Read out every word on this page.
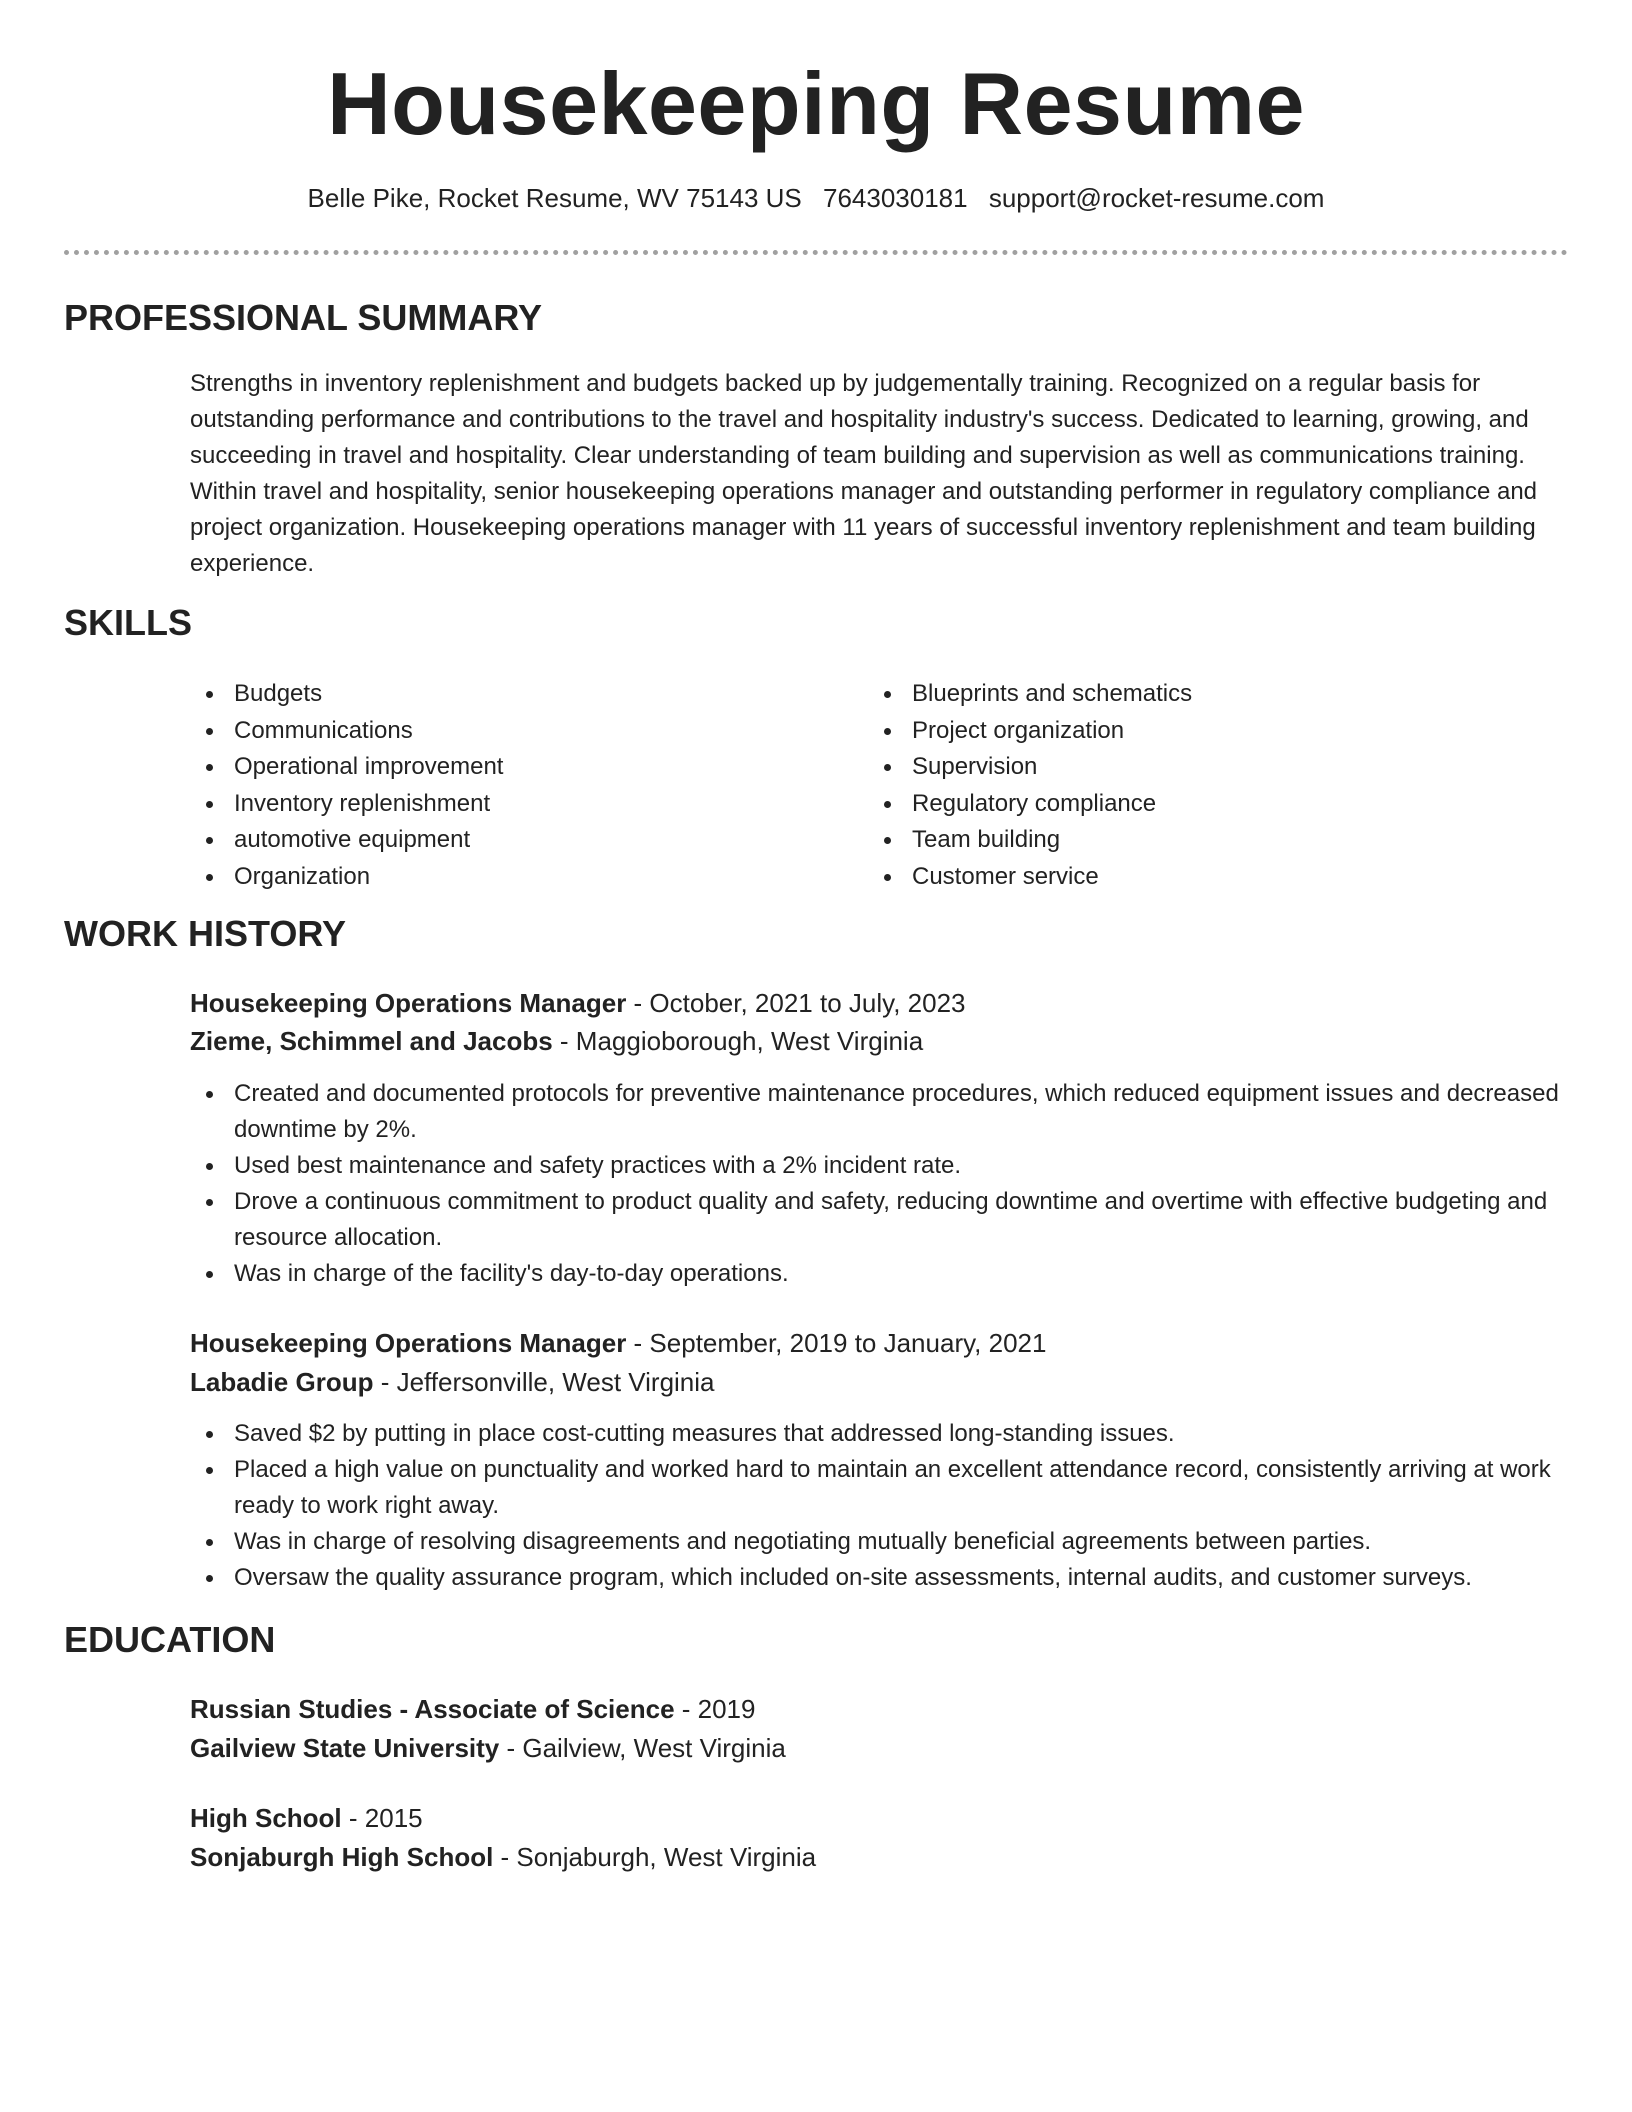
Housekeeping Resume
Belle Pike, Rocket Resume, WV 75143 US 7643030181 support@rocket-resume.com
PROFESSIONAL SUMMARY

Strengths in inventory replenishment and budgets backed up by judgementally training. Recognized on a regular basis for outstanding performance and contributions to the travel and hospitality industry's success. Dedicated to learning, growing, and succeeding in travel and hospitality. Clear understanding of team building and supervision as well as communications training. Within travel and hospitality, senior housekeeping operations manager and outstanding performer in regulatory compliance and project organization. Housekeeping operations manager with 11 years of successful inventory replenishment and team building experience.

SKILLS
Budgets
Communications
Operational improvement
Inventory replenishment
automotive equipment
Organization
Blueprints and schematics
Project organization
Supervision
Regulatory compliance
Team building
Customer service
WORK HISTORY
Housekeeping Operations Manager - October, 2021 to July, 2023
Zieme, Schimmel and Jacobs - Maggioborough, West Virginia
Created and documented protocols for preventive maintenance procedures, which reduced equipment issues and decreased downtime by 2%.
Used best maintenance and safety practices with a 2% incident rate.
Drove a continuous commitment to product quality and safety, reducing downtime and overtime with effective budgeting and resource allocation.
Was in charge of the facility's day-to-day operations.
Housekeeping Operations Manager - September, 2019 to January, 2021
Labadie Group - Jeffersonville, West Virginia
Saved $2 by putting in place cost-cutting measures that addressed long-standing issues.
Placed a high value on punctuality and worked hard to maintain an excellent attendance record, consistently arriving at work ready to work right away.
Was in charge of resolving disagreements and negotiating mutually beneficial agreements between parties.
Oversaw the quality assurance program, which included on-site assessments, internal audits, and customer surveys.
EDUCATION
Russian Studies - Associate of Science - 2019
Gailview State University - Gailview, West Virginia
High School - 2015
Sonjaburgh High School - Sonjaburgh, West Virginia
